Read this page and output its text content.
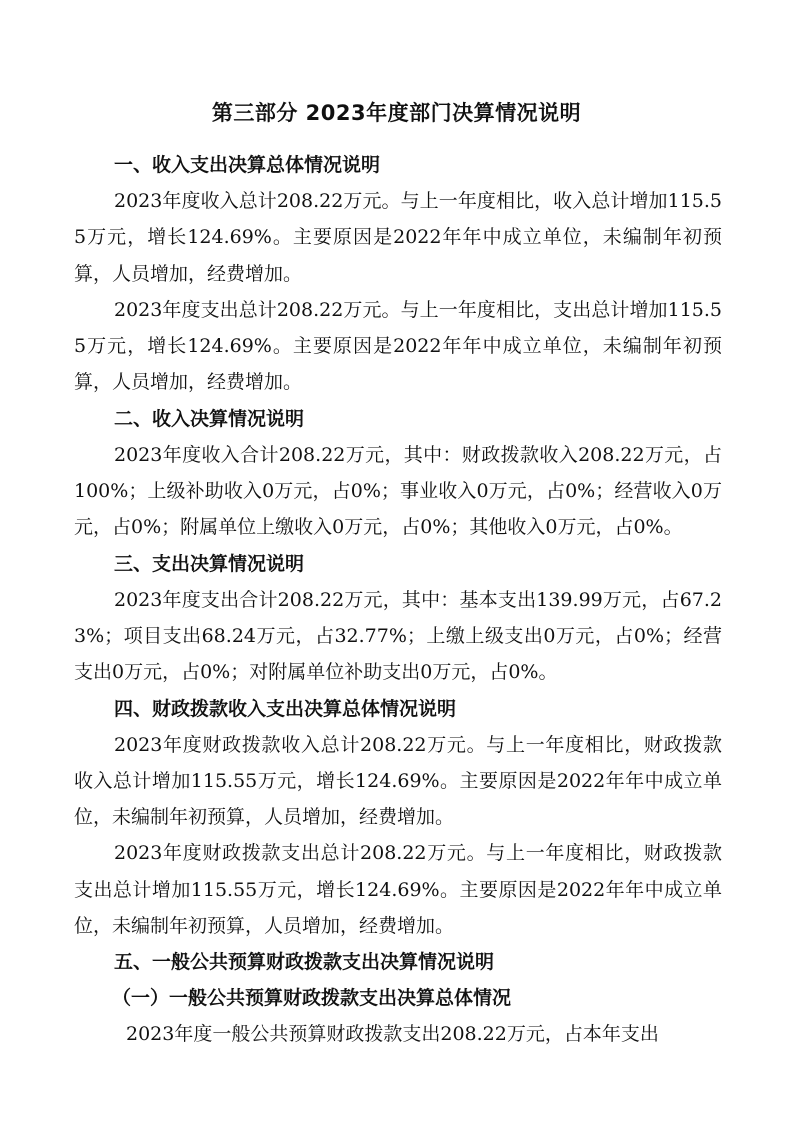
第三部分 2023年度部门决算情况说明
一、收入支出决算总体情况说明
2023年度收入总计208.22万元。与上一年度相比，收入总计增加115.55万元，增长124.69%。主要原因是2022年年中成立单位，未编制年初预算，人员增加，经费增加。
2023年度支出总计208.22万元。与上一年度相比，支出总计增加115.55万元，增长124.69%。主要原因是2022年年中成立单位，未编制年初预算，人员增加，经费增加。
二、收入决算情况说明
2023年度收入合计208.22万元，其中：财政拨款收入208.22万元，占100%；上级补助收入0万元，占0%；事业收入0万元，占0%；经营收入0万元，占0%；附属单位上缴收入0万元，占0%；其他收入0万元，占0%。
三、支出决算情况说明
2023年度支出合计208.22万元，其中：基本支出139.99万元，占67.23%；项目支出68.24万元，占32.77%；上缴上级支出0万元，占0%；经营支出0万元，占0%；对附属单位补助支出0万元，占0%。
四、财政拨款收入支出决算总体情况说明
2023年度财政拨款收入总计208.22万元。与上一年度相比，财政拨款收入总计增加115.55万元，增长124.69%。主要原因是2022年年中成立单位，未编制年初预算，人员增加，经费增加。
2023年度财政拨款支出总计208.22万元。与上一年度相比，财政拨款支出总计增加115.55万元，增长124.69%。主要原因是2022年年中成立单位，未编制年初预算，人员增加，经费增加。
五、一般公共预算财政拨款支出决算情况说明
（一）一般公共预算财政拨款支出决算总体情况
2023年度一般公共预算财政拨款支出208.22万元，占本年支出
